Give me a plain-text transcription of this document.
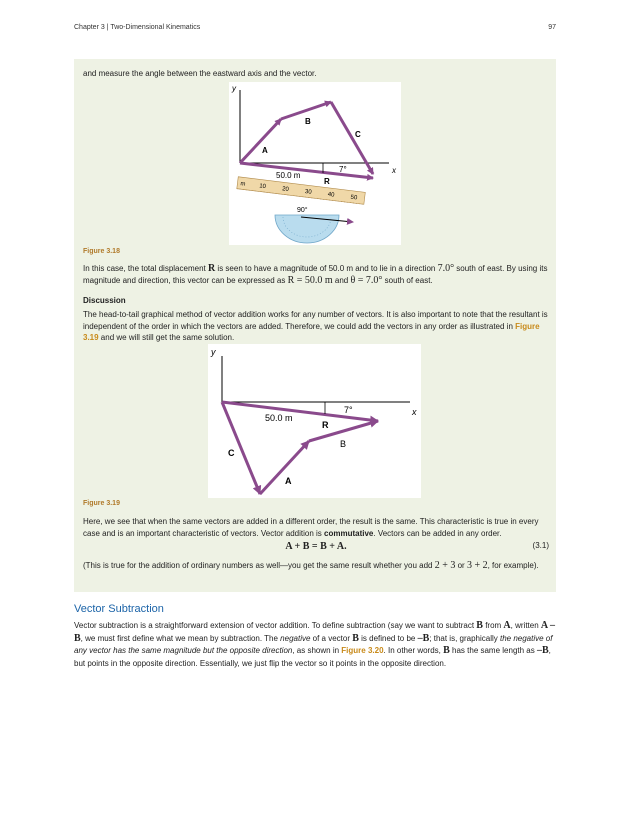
Chapter 3 | Two-Dimensional Kinematics	97

and measure the angle between the eastward axis and the vector.

y
x
A
B
C
R
50.0 m
7°
m 10	20	30	40	50
90°
Figure 3.18

In this case, the total displacement R is seen to have a magnitude of 50.0 m and to lie in a direction 7.0° south of east. By using its magnitude and direction, this vector can be expressed as R = 50.0 m and θ = 7.0° south of east.

Discussion

The head-to-tail graphical method of vector addition works for any number of vectors. It is also important to note that the resultant is independent of the order in which the vectors are added. Therefore, we could add the vectors in any order as illustrated in Figure 3.19 and we will still get the same solution.

y
x
7°
50.0 m
R
B
C
A
Figure 3.19

Here, we see that when the same vectors are added in a different order, the result is the same. This characteristic is true in every case and is an important characteristic of vectors. Vector addition is commutative. Vectors can be added in any order.

A + B = B + A.	(3.1)

(This is true for the addition of ordinary numbers as well—you get the same result whether you add 2 + 3 or 3 + 2, for example).

Vector Subtraction

Vector subtraction is a straightforward extension of vector addition. To define subtraction (say we want to subtract B from A, written A – B, we must first define what we mean by subtraction. The negative of a vector B is defined to be –B; that is, graphically the negative of any vector has the same magnitude but the opposite direction, as shown in Figure 3.20. In other words, B has the same length as –B, but points in the opposite direction. Essentially, we just flip the vector so it points in the opposite direction.
